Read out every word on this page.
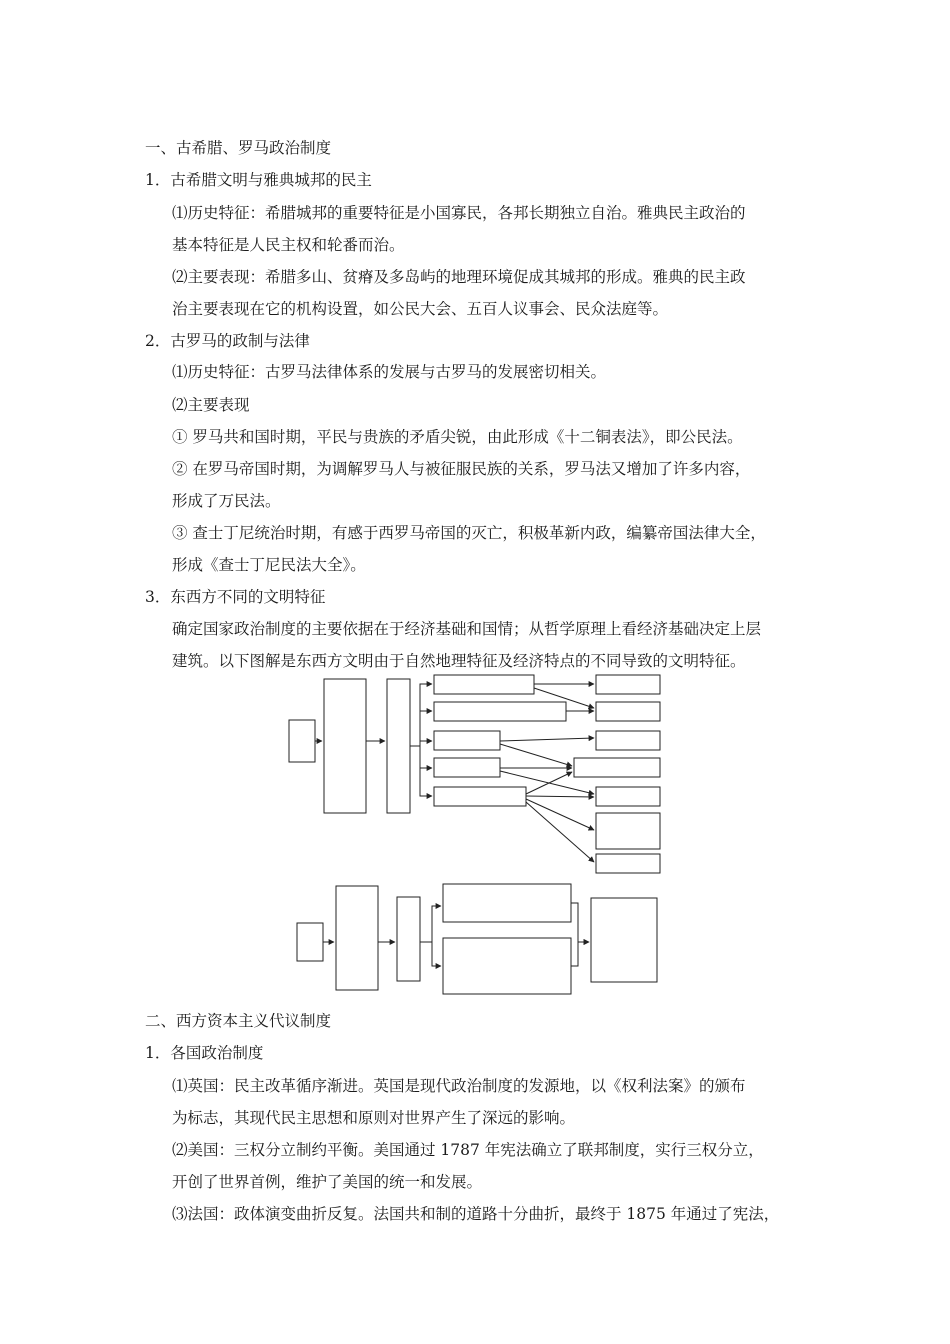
一、古希腊、罗马政治制度
1．古希腊文明与雅典城邦的民主
⑴历史特征：希腊城邦的重要特征是小国寡民，各邦长期独立自治。雅典民主政治的
基本特征是人民主权和轮番而治。
⑵主要表现：希腊多山、贫瘠及多岛屿的地理环境促成其城邦的形成。雅典的民主政
治主要表现在它的机构设置，如公民大会、五百人议事会、民众法庭等。
2．古罗马的政制与法律
⑴历史特征：古罗马法律体系的发展与古罗马的发展密切相关。
⑵主要表现
① 罗马共和国时期，平民与贵族的矛盾尖锐，由此形成《十二铜表法》，即公民法。
② 在罗马帝国时期，为调解罗马人与被征服民族的关系，罗马法又增加了许多内容，
形成了万民法。
③ 查士丁尼统治时期，有感于西罗马帝国的灭亡，积极革新内政，编纂帝国法律大全，
形成《查士丁尼民法大全》。
3．东西方不同的文明特征
确定国家政治制度的主要依据在于经济基础和国情；从哲学原理上看经济基础决定上层
建筑。以下图解是东西方文明由于自然地理特征及经济特点的不同导致的文明特征。
二、西方资本主义代议制度
1．各国政治制度
⑴英国：民主改革循序渐进。英国是现代政治制度的发源地，以《权利法案》的颁布
为标志，其现代民主思想和原则对世界产生了深远的影响。
⑵美国：三权分立制约平衡。美国通过 1787 年宪法确立了联邦制度，实行三权分立，
开创了世界首例，维护了美国的统一和发展。
⑶法国：政体演变曲折反复。法国共和制的道路十分曲折，最终于 1875 年通过了宪法，
